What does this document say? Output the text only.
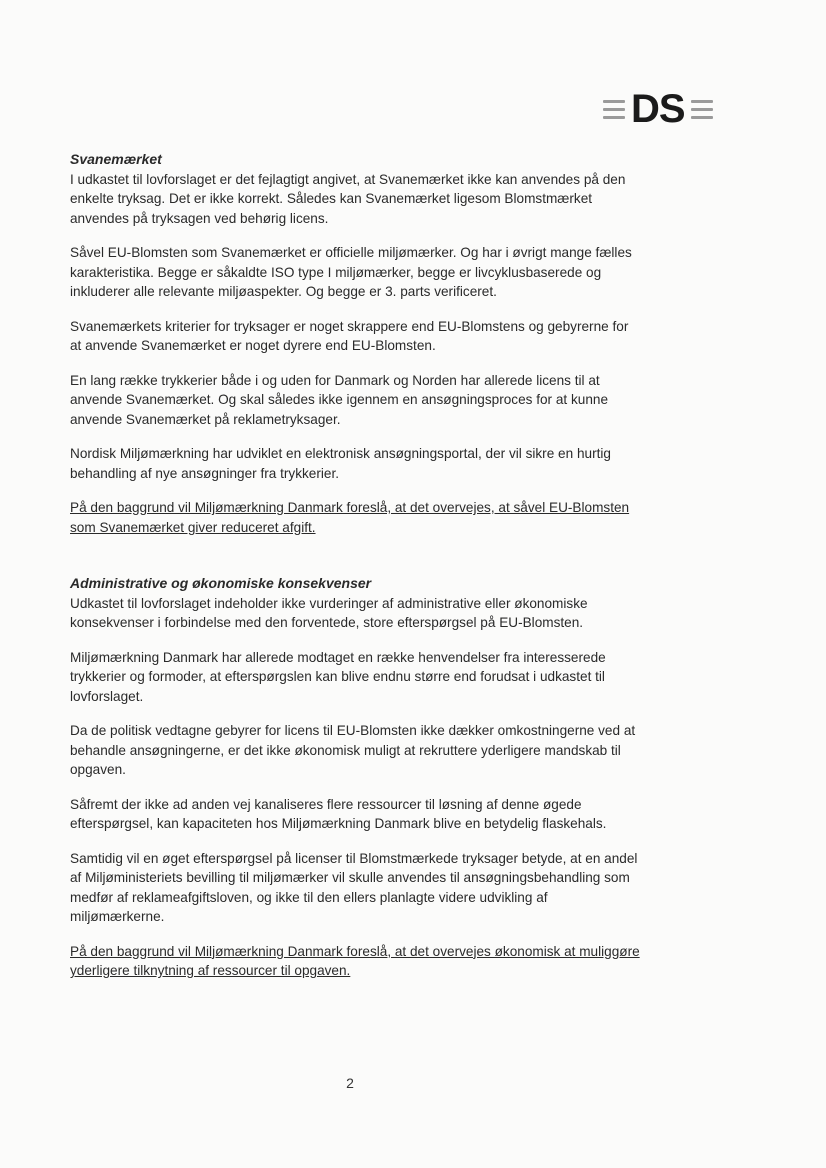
DS
Svanemærket

I udkastet til lovforslaget er det fejlagtigt angivet, at Svanemærket ikke kan anvendes på den enkelte tryksag. Det er ikke korrekt. Således kan Svanemærket ligesom Blomstmærket anvendes på tryksagen ved behørig licens.

Såvel EU-Blomsten som Svanemærket er officielle miljømærker. Og har i øvrigt mange fælles karakteristika. Begge er såkaldte ISO type I miljømærker, begge er livcyklusbaserede og inkluderer alle relevante miljøaspekter. Og begge er 3. parts verificeret.

Svanemærkets kriterier for tryksager er noget skrappere end EU-Blomstens og gebyrerne for at anvende Svanemærket er noget dyrere end EU-Blomsten.

En lang række trykkerier både i og uden for Danmark og Norden har allerede licens til at anvende Svanemærket. Og skal således ikke igennem en ansøgningsproces for at kunne anvende Svanemærket på reklametryksager.

Nordisk Miljømærkning har udviklet en elektronisk ansøgningsportal, der vil sikre en hurtig behandling af nye ansøgninger fra trykkerier.

På den baggrund vil Miljømærkning Danmark foreslå, at det overvejes, at såvel EU-Blomsten som Svanemærket giver reduceret afgift.

Administrative og økonomiske konsekvenser

Udkastet til lovforslaget indeholder ikke vurderinger af administrative eller økonomiske konsekvenser i forbindelse med den forventede, store efterspørgsel på EU-Blomsten.

Miljømærkning Danmark har allerede modtaget en række henvendelser fra interesserede trykkerier og formoder, at efterspørgslen kan blive endnu større end forudsat i udkastet til lovforslaget.

Da de politisk vedtagne gebyrer for licens til EU-Blomsten ikke dækker omkostningerne ved at behandle ansøgningerne, er det ikke økonomisk muligt at rekruttere yderligere mandskab til opgaven.

Såfremt der ikke ad anden vej kanaliseres flere ressourcer til løsning af denne øgede efterspørgsel, kan kapaciteten hos Miljømærkning Danmark blive en betydelig flaskehals.

Samtidig vil en øget efterspørgsel på licenser til Blomstmærkede tryksager betyde, at en andel af Miljøministeriets bevilling til miljømærker vil skulle anvendes til ansøgningsbehandling som medfør af reklameafgiftsloven, og ikke til den ellers planlagte videre udvikling af miljømærkerne.

På den baggrund vil Miljømærkning Danmark foreslå, at det overvejes økonomisk at muliggøre yderligere tilknytning af ressourcer til opgaven.

2
